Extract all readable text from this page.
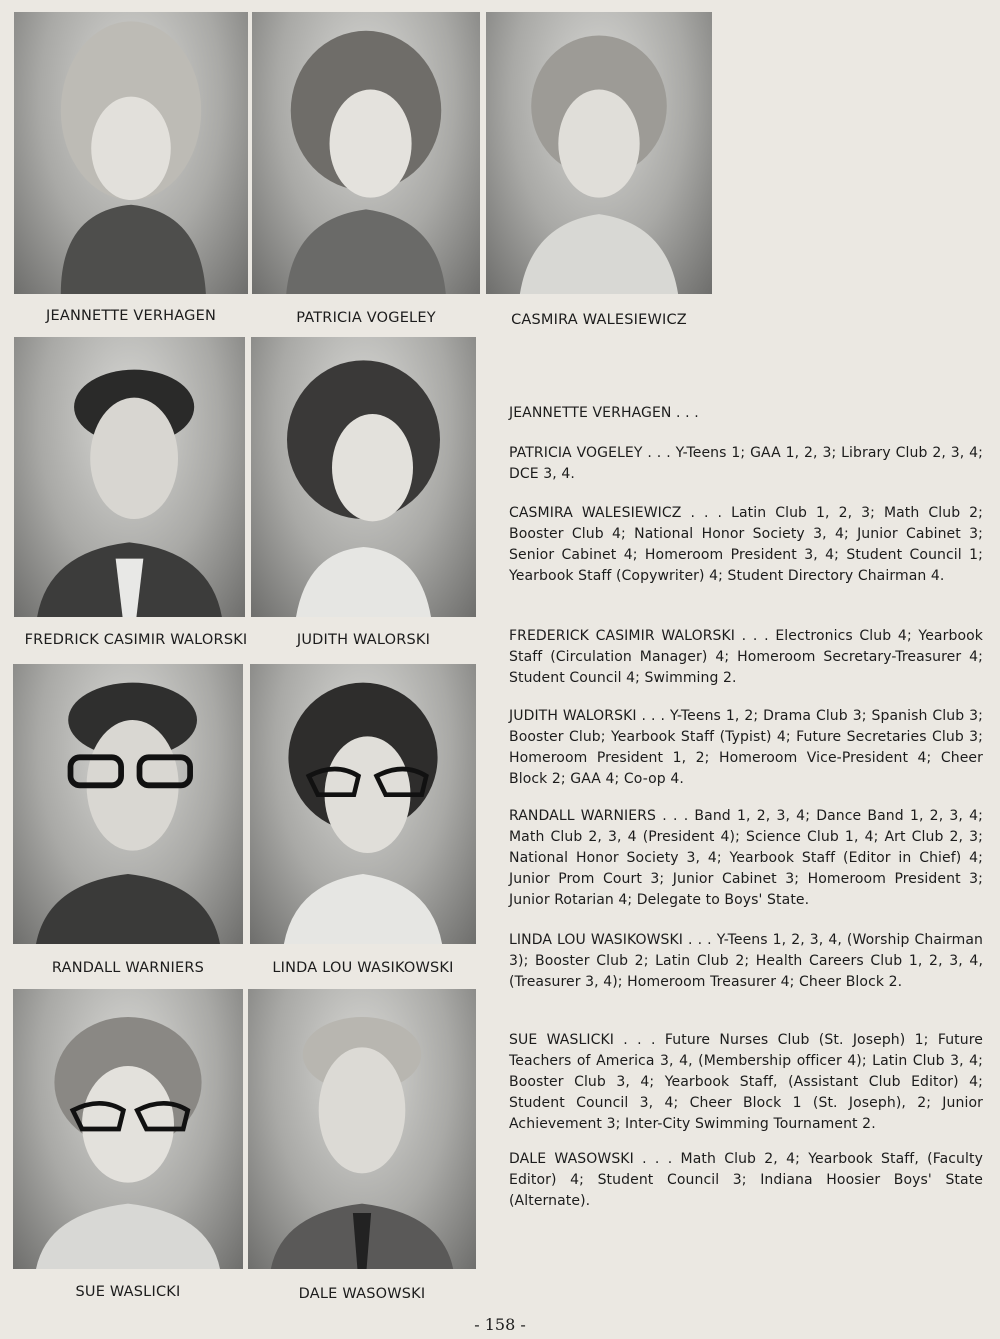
JEANNETTE VERHAGEN	PATRICIA VOGELEY	CASMIRA WALESIEWICZ
FREDRICK CASIMIR WALORSKI	JUDITH WALORSKI
RANDALL WARNIERS	LINDA LOU WASIKOWSKI
SUE WASLICKI	DALE WASOWSKI
JEANNETTE VERHAGEN . . .
PATRICIA VOGELEY . . . Y-Teens 1; GAA 1, 2, 3; Library Club 2, 3, 4; DCE 3, 4.
CASMIRA WALESIEWICZ . . . Latin Club 1, 2, 3; Math Club 2; Booster Club 4; National Honor Society 3, 4; Junior Cabinet 3; Senior Cabinet 4; Homeroom President 3, 4; Student Council 1; Yearbook Staff (Copywriter) 4; Student Directory Chairman 4.
FREDERICK CASIMIR WALORSKI . . . Electronics Club 4; Yearbook Staff (Circulation Manager) 4; Homeroom Secretary-Treasurer 4; Student Council 4; Swimming 2.
JUDITH WALORSKI . . . Y-Teens 1, 2; Drama Club 3; Spanish Club 3; Booster Club; Yearbook Staff (Typist) 4; Future Secretaries Club 3; Homeroom President 1, 2; Homeroom Vice-President 4; Cheer Block 2; GAA 4; Co-op 4.
RANDALL WARNIERS . . . Band 1, 2, 3, 4; Dance Band 1, 2, 3, 4; Math Club 2, 3, 4 (President 4); Science Club 1, 4; Art Club 2, 3; National Honor Society 3, 4; Yearbook Staff (Editor in Chief) 4; Junior Prom Court 3; Junior Cabinet 3; Homeroom President 3; Junior Rotarian 4; Delegate to Boys' State.
LINDA LOU WASIKOWSKI . . . Y-Teens 1, 2, 3, 4, (Worship Chairman 3); Booster Club 2; Latin Club 2; Health Careers Club 1, 2, 3, 4, (Treasurer 3, 4); Homeroom Treasurer 4; Cheer Block 2.
SUE WASLICKI . . . Future Nurses Club (St. Joseph) 1; Future Teachers of America 3, 4, (Membership officer 4); Latin Club 3, 4; Booster Club 3, 4; Yearbook Staff, (Assistant Club Editor) 4; Student Council 3, 4; Cheer Block 1 (St. Joseph), 2; Junior Achievement 3; Inter-City Swimming Tournament 2.
DALE WASOWSKI . . . Math Club 2, 4; Yearbook Staff, (Faculty Editor) 4; Student Council 3; Indiana Hoosier Boys' State (Alternate).
- 158 -
